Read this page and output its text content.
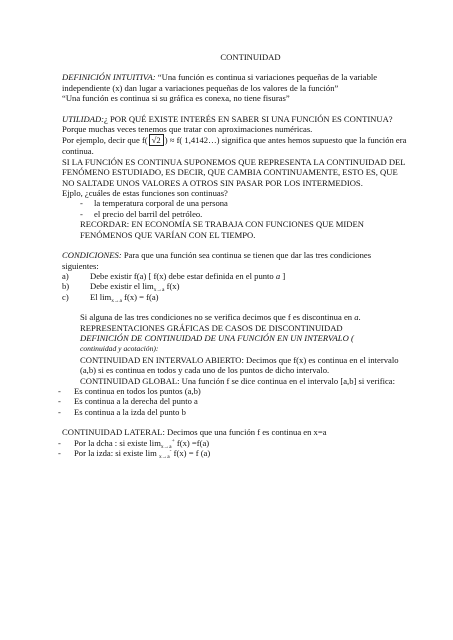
CONTINUIDAD

DEFINICIÓN INTUITIVA: “Una función es continua si variaciones pequeñas de la variable independiente (x) dan lugar a variaciones pequeñas de los valores de la función”

“Una función es continua si su gráfica es conexa, no tiene fisuras”

UTILIDAD:¿ POR QUÉ EXISTE INTERÉS EN SABER SI UNA FUNCIÓN ES CONTINUA? Porque muchas veces tenemos que tratar con aproximaciones numéricas.

Por ejemplo, decir que f( √2 ) ≈ f( 1,4142…) significa que antes hemos supuesto que la función era continua.

SI LA FUNCIÓN ES CONTINUA SUPONEMOS QUE REPRESENTA LA CONTINUIDAD DEL FENÓMENO ESTUDIADO, ES DECIR, QUE CAMBIA CONTINUAMENTE, ESTO ES, QUE NO SALTADE UNOS VALORES A OTROS SIN PASAR POR LOS INTERMEDIOS.

Ejplo, ¿cuáles de estas funciones son continuas?

-	la temperatura corporal de una persona
-	el precio del barril del petróleo.

RECORDAR: EN ECONOMÍA SE TRABAJA CON FUNCIONES QUE MIDEN FENÓMENOS QUE VARÍAN CON EL TIEMPO.

CONDICIONES: Para que una función sea continua se tienen que dar las tres condiciones siguientes:

a)	Debe existir f(a) [ f(x) debe estar definida en el punto a ]
b)	Debe existir el $\lim_{x\to a} f(x)$
c)	El $\lim_{x\to a} f(x) = f(a)$

Si alguna de las tres condiciones no se verifica decimos que f es discontinua en a.

REPRESENTACIONES GRÁFICAS DE CASOS DE DISCONTINUIDAD

DEFINICIÓN DE CONTINUIDAD DE UNA FUNCIÓN EN UN INTERVALO (

continuidad y acotación):

CONTINUIDAD EN INTERVALO ABIERTO: Decimos que f(x) es continua en el intervalo (a,b) si es continua en todos y cada uno de los puntos de dicho intervalo.

CONTINUIDAD GLOBAL: Una función f se dice continua en el intervalo [a,b] si verifica:

-	Es continua en todos los puntos (a,b)
-	Es continua a la derecha del punto a
-	Es continua a la izda del punto b

CONTINUIDAD LATERAL: Decimos que una función f es continua en x=a

-	Por la dcha : si existe $\lim_{x\to a}^+ f(x) =f(a)$
-	Por la izda: si existe lim $_{x\to a}$- f(x) = f (a)
